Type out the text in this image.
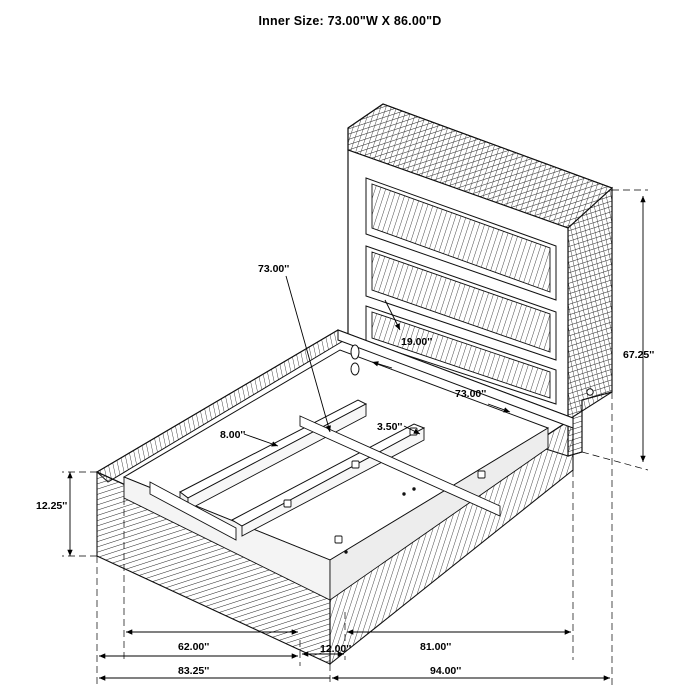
Inner Size: 73.00"W X 86.00"D
73.00''
19.00''
73.00''
3.50''
8.00''
67.25''
12.25''
62.00''	12.00''	81.00''
83.25''	94.00''
